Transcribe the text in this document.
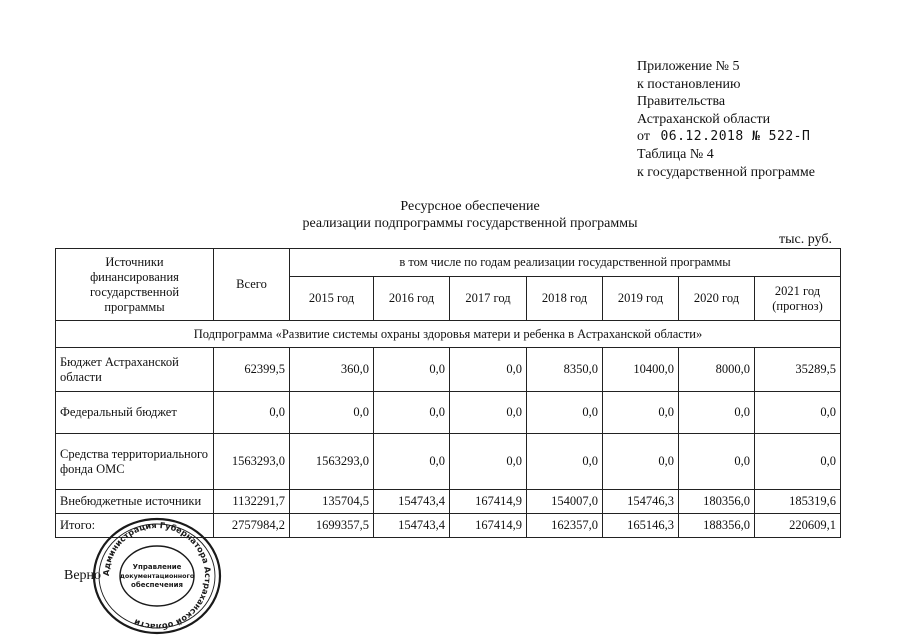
Приложение № 5
к постановлению
Правительства
Астраханской области
от 06.12.2018 № 522-П
Таблица № 4
к государственной программе
Ресурсное обеспечение
реализации подпрограммы государственной программы
тыс. руб.
Источники финансирования государственной программы	Всего	в том числе по годам реализации государственной программы						
		2015 год	2016 год	2017 год	2018 год	2019 год	2020 год	2021 год (прогноз)
Подпрограмма «Развитие системы охраны здоровья матери и ребенка в Астраханской области»								
Бюджет Астраханской области	62399,5	360,0	0,0	0,0	8350,0	10400,0	8000,0	35289,5
Федеральный бюджет	0,0	0,0	0,0	0,0	0,0	0,0	0,0	0,0
Средства территориального фонда ОМС	1563293,0	1563293,0	0,0	0,0	0,0	0,0	0,0	0,0
Внебюджетные источники	1132291,7	135704,5	154743,4	167414,9	154007,0	154746,3	180356,0	185319,6
Итого:	2757984,2	1699357,5	154743,4	167414,9	162357,0	165146,3	188356,0	220609,1
Верно Администрация Губернатора Астраханской области
Управление
документационного
обеспечения
